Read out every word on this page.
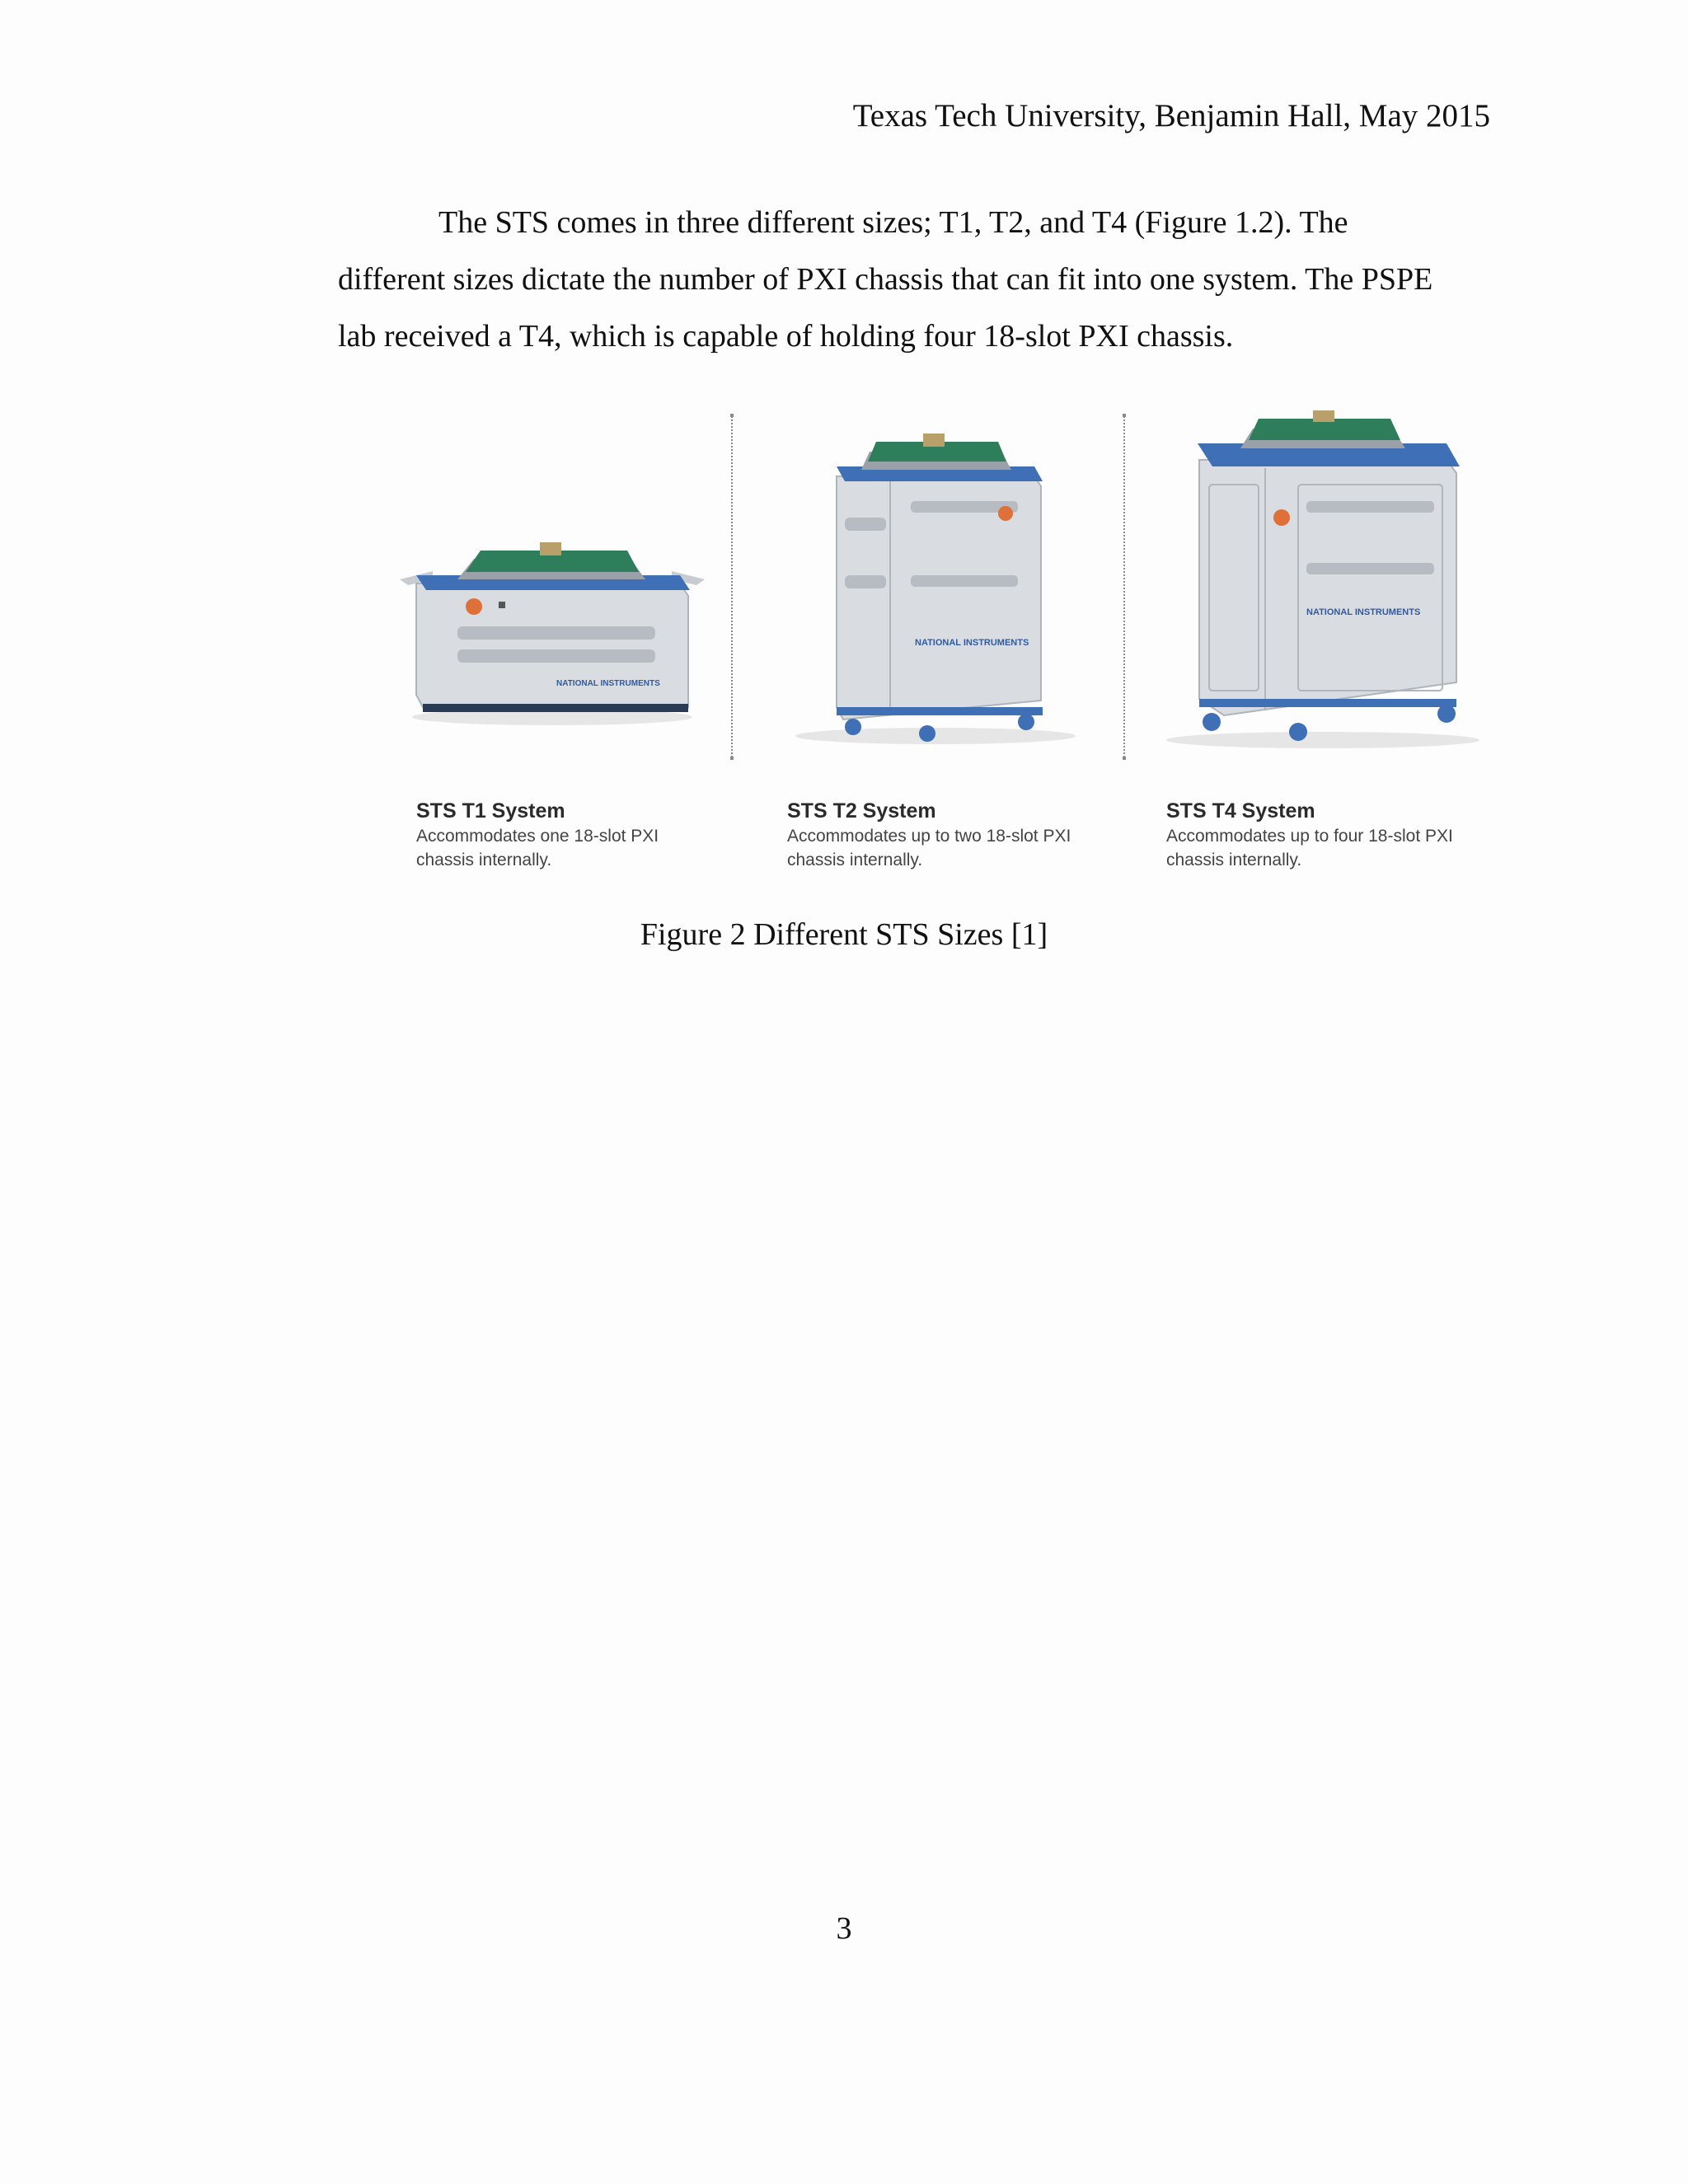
Texas Tech University, Benjamin Hall, May 2015

The STS comes in three different sizes; T1, T2, and T4 (Figure 1.2). The different sizes dictate the number of PXI chassis that can fit into one system. The PSPE lab received a T4, which is capable of holding four 18-slot PXI chassis.

NATIONAL INSTRUMENTS
STS T1 System
Accommodates one 18-slot PXI chassis internally.
NATIONAL INSTRUMENTS
STS T2 System
Accommodates up to two 18-slot PXI chassis internally.
NATIONAL INSTRUMENTS
STS T4 System
Accommodates up to four 18-slot PXI chassis internally.
Figure 2 Different STS Sizes [1]
3
